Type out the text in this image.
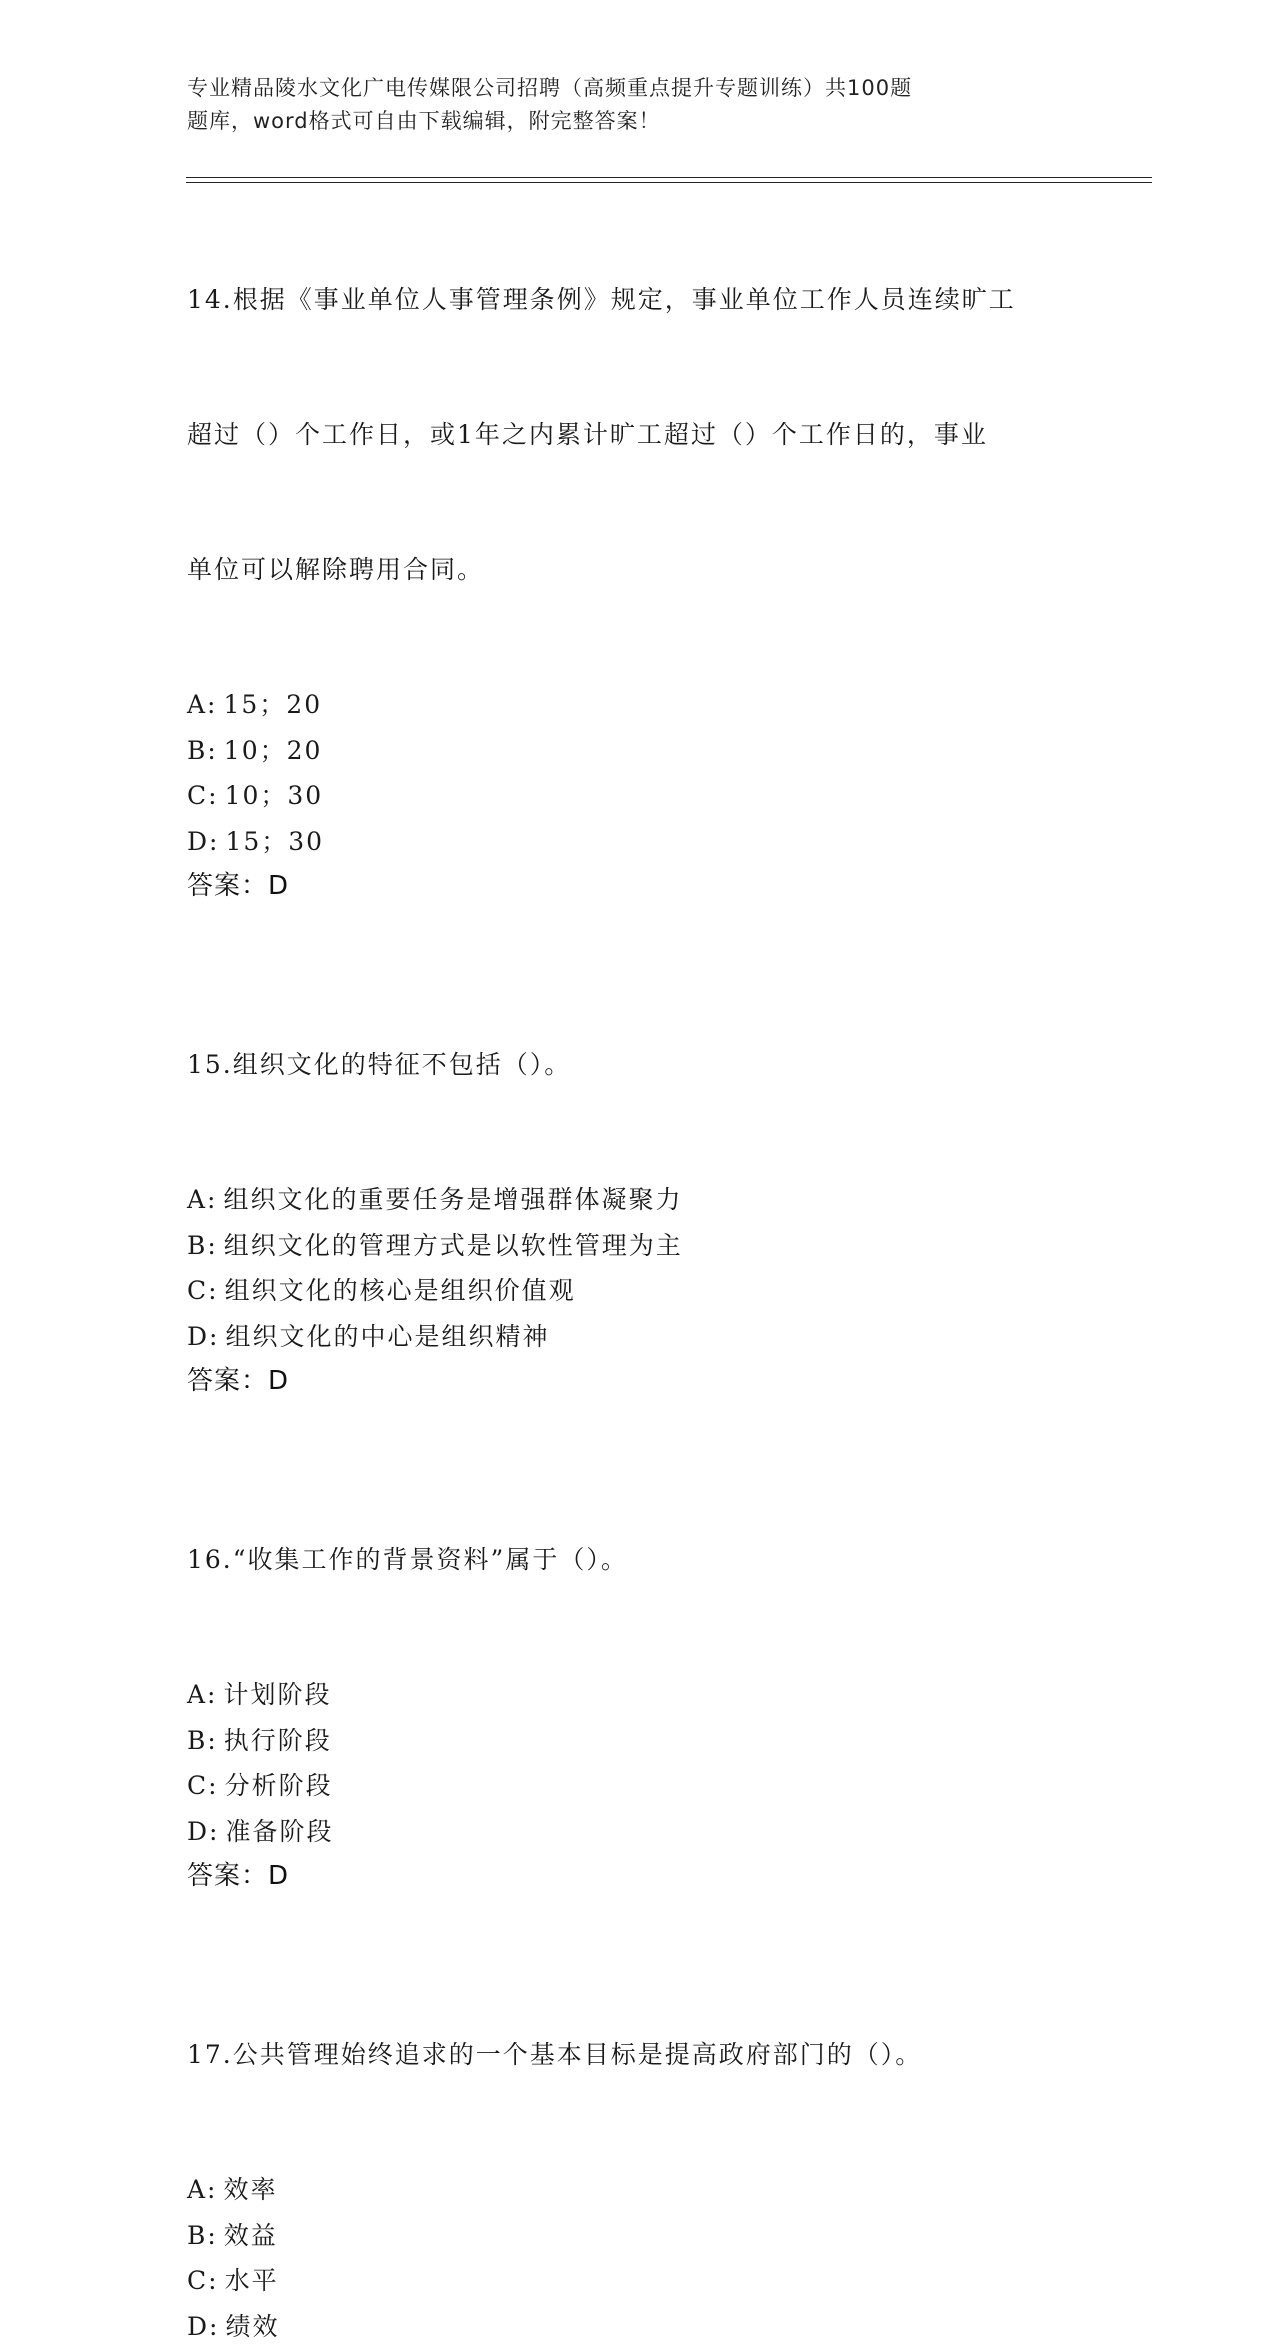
专业精品陵水文化广电传媒限公司招聘（高频重点提升专题训练）共100题
题库，word格式可自由下载编辑，附完整答案！

14.根据《事业单位人事管理条例》规定，事业单位工作人员连续旷工

超过（）个工作日，或1年之内累计旷工超过（）个工作日的，事业

单位可以解除聘用合同。

A: 15；20
B: 10；20
C: 10；30
D: 15；30
答案：D

15.组织文化的特征不包括（）。

A: 组织文化的重要任务是增强群体凝聚力
B: 组织文化的管理方式是以软性管理为主
C: 组织文化的核心是组织价值观
D: 组织文化的中心是组织精神
答案：D

16.“收集工作的背景资料”属于（）。

A: 计划阶段
B: 执行阶段
C: 分析阶段
D: 准备阶段
答案：D

17.公共管理始终追求的一个基本目标是提高政府部门的（）。

A: 效率
B: 效益
C: 水平
D: 绩效
